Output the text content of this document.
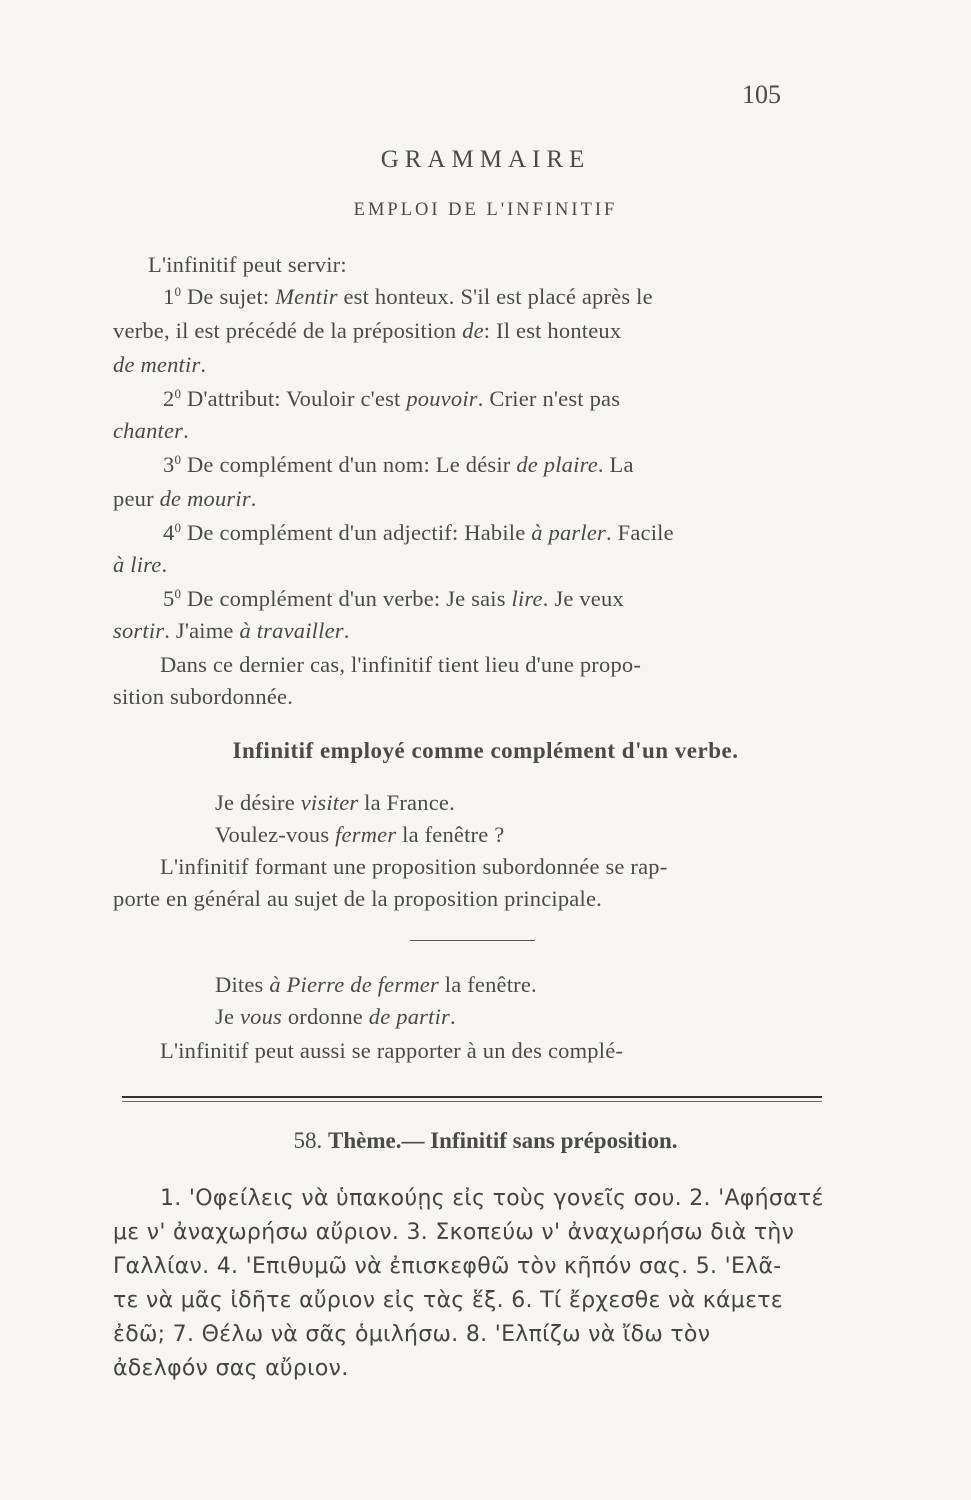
105
GRAMMAIRE
EMPLOI DE L'INFINITIF
L'infinitif peut servir:
$1^0$ De sujet: Mentir est honteux. S'il est placé après le
verbe, il est précédé de la préposition de: Il est honteux
de mentir.
$2^0$ D'attribut: Vouloir c'est pouvoir. Crier n'est pas
chanter.
$3^0$ De complément d'un nom: Le désir de plaire. La
peur de mourir.
$4^0$ De complément d'un adjectif: Habile à parler. Facile
à lire.
$5^0$ De complément d'un verbe: Je sais lire. Je veux
sortir. J'aime à travailler.
Dans ce dernier cas, l'infinitif tient lieu d'une propo-
sition subordonnée.
Infinitif employé comme complément d'un verbe.
Je désire visiter la France.
Voulez-vous fermer la fenêtre ?
L'infinitif formant une proposition subordonnée se rap-
porte en général au sujet de la proposition principale.
Dites à Pierre de fermer la fenêtre.
Je vous ordonne de partir.
L'infinitif peut aussi se rapporter à un des complé-
58. Thème.— Infinitif sans préposition.
1. 'Οφείλεις νὰ ὑπακούῃς εἰς τοὺς γονεῖς σου. 2. 'Αφήσατέ
με ν' ἀναχωρήσω αὔριον. 3. Σκοπεύω ν' ἀναχωρήσω διὰ τὴν
Γαλλίαν. 4. 'Επιθυμῶ νὰ ἐπισκεφθῶ τὸν κῆπόν σας. 5. 'Ελᾶ-
τε νὰ μᾶς ἰδῆτε αὔριον εἰς τὰς ἕξ. 6. Τί ἔρχεσθε νὰ κάμετε
ἐδῶ; 7. Θέλω νὰ σᾶς ὁμιλήσω. 8. 'Ελπίζω νὰ ἴδω τὸν
ἀδελφόν σας αὔριον.
